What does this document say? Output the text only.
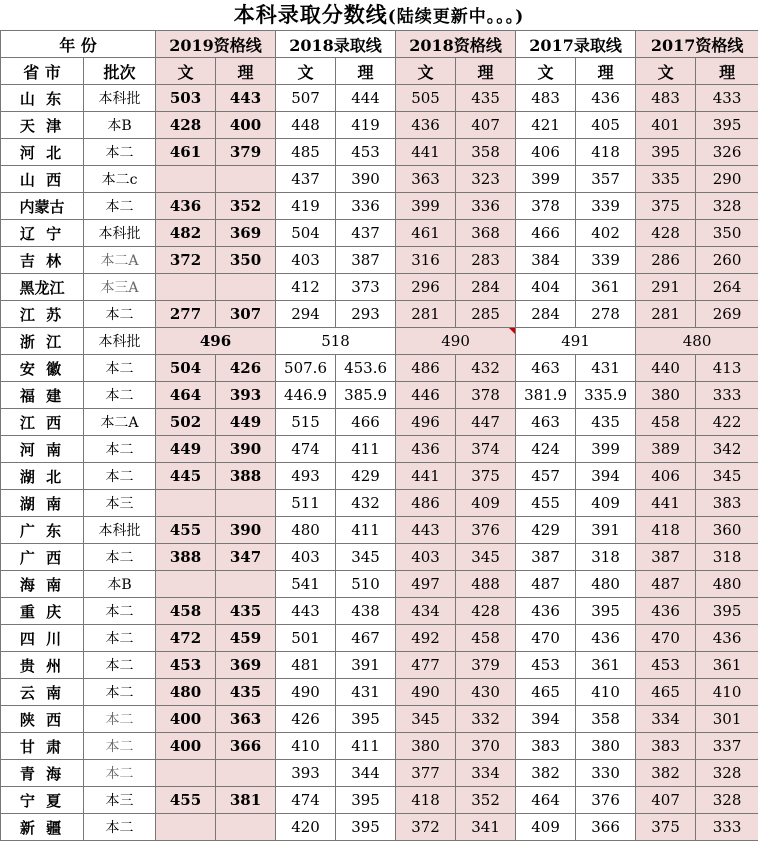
本科录取分数线(陆续更新中。。。)
年 份		2019资格线		2018录取线		2018资格线		2017录取线		2017资格线	
省 市	批次	文	理	文	理	文	理	文	理	文	理
山 东	本科批	503	443	507	444	505	435	483	436	483	433
天 津	本B	428	400	448	419	436	407	421	405	401	395
河 北	本二	461	379	485	453	441	358	406	418	395	326
山 西	本二c			437	390	363	323	399	357	335	290
内蒙古	本二	436	352	419	336	399	336	378	339	375	328
辽 宁	本科批	482	369	504	437	461	368	466	402	428	350
吉 林	本二A	372	350	403	387	316	283	384	339	286	260
黑龙江	本三A			412	373	296	284	404	361	291	264
江 苏	本二	277	307	294	293	281	285	284	278	281	269
浙 江	本科批	496		518		490		491		480	
安 徽	本二	504	426	507.6	453.6	486	432	463	431	440	413
福 建	本二	464	393	446.9	385.9	446	378	381.9	335.9	380	333
江 西	本二A	502	449	515	466	496	447	463	435	458	422
河 南	本二	449	390	474	411	436	374	424	399	389	342
湖 北	本二	445	388	493	429	441	375	457	394	406	345
湖 南	本三			511	432	486	409	455	409	441	383
广 东	本科批	455	390	480	411	443	376	429	391	418	360
广 西	本二	388	347	403	345	403	345	387	318	387	318
海 南	本B			541	510	497	488	487	480	487	480
重 庆	本二	458	435	443	438	434	428	436	395	436	395
四 川	本二	472	459	501	467	492	458	470	436	470	436
贵 州	本二	453	369	481	391	477	379	453	361	453	361
云 南	本二	480	435	490	431	490	430	465	410	465	410
陕 西	本二	400	363	426	395	345	332	394	358	334	301
甘 肃	本二	400	366	410	411	380	370	383	380	383	337
青 海	本二			393	344	377	334	382	330	382	328
宁 夏	本三	455	381	474	395	418	352	464	376	407	328
新 疆	本二			420	395	372	341	409	366	375	333
